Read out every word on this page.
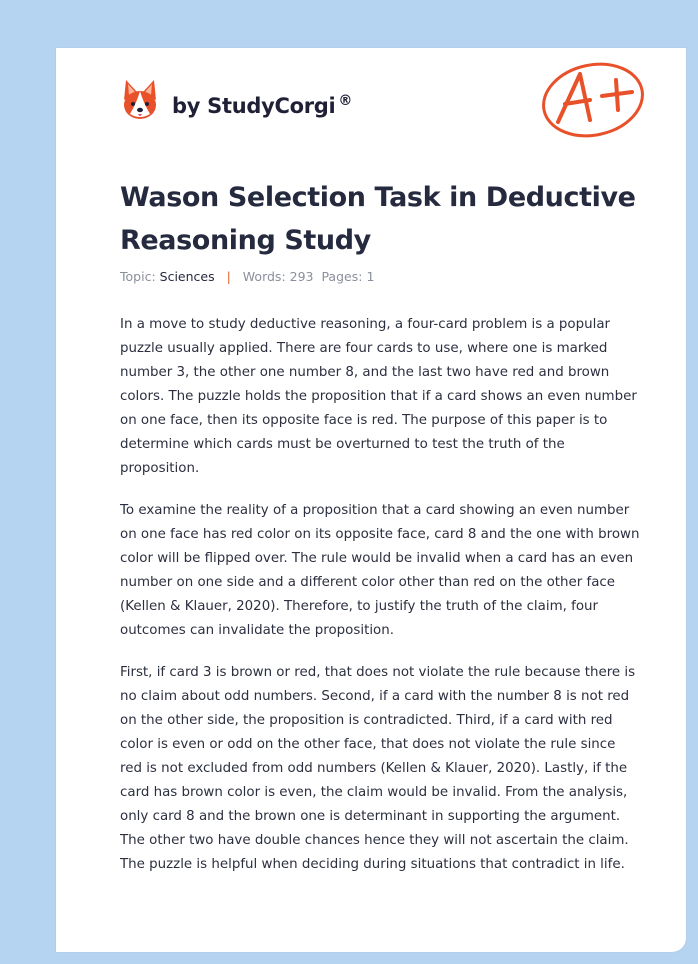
by StudyCorgi ®
Wason Selection Task in Deductive Reasoning Study
Topic: Sciences | Words: 293 Pages: 1

In a move to study deductive reasoning, a four-card problem is a popular puzzle usually applied. There are four cards to use, where one is marked number 3, the other one number 8, and the last two have red and brown colors. The puzzle holds the proposition that if a card shows an even number on one face, then its opposite face is red. The purpose of this paper is to determine which cards must be overturned to test the truth of the proposition.

To examine the reality of a proposition that a card showing an even number on one face has red color on its opposite face, card 8 and the one with brown color will be flipped over. The rule would be invalid when a card has an even number on one side and a different color other than red on the other face (Kellen & Klauer, 2020). Therefore, to justify the truth of the claim, four outcomes can invalidate the proposition.

First, if card 3 is brown or red, that does not violate the rule because there is no claim about odd numbers. Second, if a card with the number 8 is not red on the other side, the proposition is contradicted. Third, if a card with red color is even or odd on the other face, that does not violate the rule since red is not excluded from odd numbers (Kellen & Klauer, 2020). Lastly, if the card has brown color is even, the claim would be invalid. From the analysis, only card 8 and the brown one is determinant in supporting the argument. The other two have double chances hence they will not ascertain the claim. The puzzle is helpful when deciding during situations that contradict in life.
